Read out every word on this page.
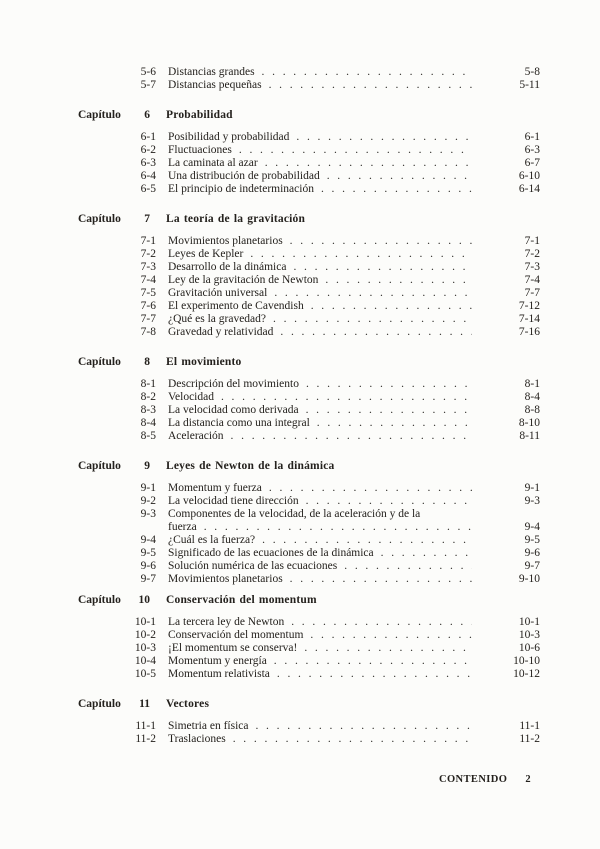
5-6 Distancias grandes .....	5-8
5-7 Distancias pequeñas .....	5-11
Capítulo	6 Probabilidad
6-1 Posibilidad y probabilidad .....	6-1
6-2 Fluctuaciones .....	6-3
6-3 La caminata al azar .....	6-7
6-4 Una distribución de probabilidad .....	6-10
6-5 El principio de indeterminación .....	6-14
Capítulo	7 La teoría de la gravitación
7-1 Movimientos planetarios .....	7-1
7-2 Leyes de Kepler .....	7-2
7-3 Desarrollo de la dinámica .....	7-3
7-4 Ley de la gravitación de Newton .....	7-4
7-5 Gravitación universal .....	7-7
7-6 El experimento de Cavendish .....	7-12
7-7 ¿Qué es la gravedad? .....	7-14
7-8 Gravedad y relatividad .....	7-16
Capítulo	8 El movimiento
8-1 Descripción del movimiento .....	8-1
8-2 Velocidad .....	8-4
8-3 La velocidad como derivada .....	8-8
8-4 La distancia como una integral .....	8-10
8-5 Aceleración .....	8-11
Capítulo	9 Leyes de Newton de la dinámica
9-1 Momentum y fuerza .....	9-1
9-2 La velocidad tiene dirección .....	9-3
9-3 Componentes de la velocidad, de la aceleración y de la
fuerza .....	9-4
9-4 ¿Cuál es la fuerza? .....	9-5
9-5 Significado de las ecuaciones de la dinámica .....	9-6
9-6 Solución numérica de las ecuaciones .....	9-7
9-7 Movimientos planetarios .....	9-10
Capítulo	10 Conservación del momentum
10-1 La tercera ley de Newton .....	10-1
10-2 Conservación del momentum .....	10-3
10-3 ¡El momentum se conserva! .....	10-6
10-4 Momentum y energía .....	10-10
10-5 Momentum relativista .....	10-12
Capítulo	11 Vectores
11-1 Simetria en física .....	11-1
11-2 Traslaciones .....	11-2
CONTENIDO 2
